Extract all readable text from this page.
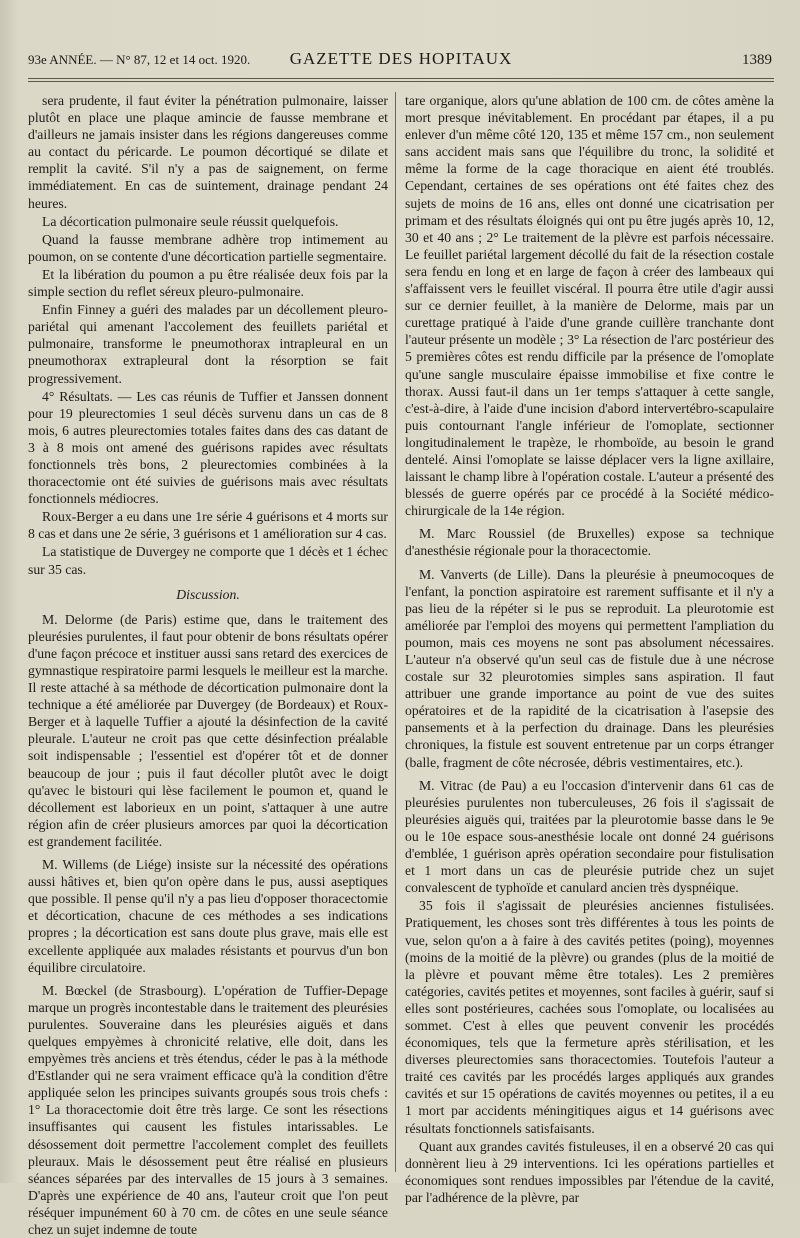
93e ANNÉE. — N° 87, 12 et 14 oct. 1920.	GAZETTE DES HOPITAUX	1389

sera prudente, il faut éviter la pénétration pulmonaire, laisser plutôt en place une plaque amincie de fausse membrane et d'ailleurs ne jamais insister dans les régions dangereuses comme au contact du péricarde. Le poumon décortiqué se dilate et remplit la cavité. S'il n'y a pas de saignement, on ferme immédiatement. En cas de suintement, drainage pendant 24 heures.

La décortication pulmonaire seule réussit quelquefois.

Quand la fausse membrane adhère trop intimement au poumon, on se contente d'une décortication partielle segmentaire.

Et la libération du poumon a pu être réalisée deux fois par la simple section du reflet séreux pleuro-pulmonaire.

Enfin Finney a guéri des malades par un décollement pleuro-pariétal qui amenant l'accolement des feuillets pariétal et pulmonaire, transforme le pneumothorax intrapleural en un pneumothorax extrapleural dont la résorption se fait progressivement.

4° Résultats. — Les cas réunis de Tuffier et Janssen donnent pour 19 pleurectomies 1 seul décès survenu dans un cas de 8 mois, 6 autres pleurectomies totales faites dans des cas datant de 3 à 8 mois ont amené des guérisons rapides avec résultats fonctionnels très bons, 2 pleurectomies combinées à la thoracectomie ont été suivies de guérisons mais avec résultats fonctionnels médiocres.

Roux-Berger a eu dans une 1re série 4 guérisons et 4 morts sur 8 cas et dans une 2e série, 3 guérisons et 1 amélioration sur 4 cas.

La statistique de Duvergey ne comporte que 1 décès et 1 échec sur 35 cas.

Discussion.

M. Delorme (de Paris) estime que, dans le traitement des pleurésies purulentes, il faut pour obtenir de bons résultats opérer d'une façon précoce et instituer aussi sans retard des exercices de gymnastique respiratoire parmi lesquels le meilleur est la marche. Il reste attaché à sa méthode de décortication pulmonaire dont la technique a été améliorée par Duvergey (de Bordeaux) et Roux-Berger et à laquelle Tuffier a ajouté la désinfection de la cavité pleurale. L'auteur ne croit pas que cette désinfection préalable soit indispensable ; l'essentiel est d'opérer tôt et de donner beaucoup de jour ; puis il faut décoller plutôt avec le doigt qu'avec le bistouri qui lèse facilement le poumon et, quand le décollement est laborieux en un point, s'attaquer à une autre région afin de créer plusieurs amorces par quoi la décortication est grandement facilitée.

M. Willems (de Liége) insiste sur la nécessité des opérations aussi hâtives et, bien qu'on opère dans le pus, aussi aseptiques que possible. Il pense qu'il n'y a pas lieu d'opposer thoracectomie et décortication, chacune de ces méthodes a ses indications propres ; la décortication est sans doute plus grave, mais elle est excellente appliquée aux malades résistants et pourvus d'un bon équilibre circulatoire.

M. Bœckel (de Strasbourg). L'opération de Tuffier-Depage marque un progrès incontestable dans le traitement des pleurésies purulentes. Souveraine dans les pleurésies aiguës et dans quelques empyèmes à chronicité relative, elle doit, dans les empyèmes très anciens et très étendus, céder le pas à la méthode d'Estlander qui ne sera vraiment efficace qu'à la condition d'être appliquée selon les principes suivants groupés sous trois chefs : 1° La thoracectomie doit être très large. Ce sont les résections insuffisantes qui causent les fistules intarissables. Le désossement doit permettre l'accolement complet des feuillets pleuraux. Mais le désossement peut être réalisé en plusieurs séances séparées par des intervalles de 15 jours à 3 semaines. D'après une expérience de 40 ans, l'auteur croit que l'on peut réséquer impunément 60 à 70 cm. de côtes en une seule séance chez un sujet indemne de toute

tare organique, alors qu'une ablation de 100 cm. de côtes amène la mort presque inévitablement. En procédant par étapes, il a pu enlever d'un même côté 120, 135 et même 157 cm., non seulement sans accident mais sans que l'équilibre du tronc, la solidité et même la forme de la cage thoracique en aient été troublés. Cependant, certaines de ses opérations ont été faites chez des sujets de moins de 16 ans, elles ont donné une cicatrisation per primam et des résultats éloignés qui ont pu être jugés après 10, 12, 30 et 40 ans ; 2° Le traitement de la plèvre est parfois nécessaire. Le feuillet pariétal largement décollé du fait de la résection costale sera fendu en long et en large de façon à créer des lambeaux qui s'affaissent vers le feuillet viscéral. Il pourra être utile d'agir aussi sur ce dernier feuillet, à la manière de Delorme, mais par un curettage pratiqué à l'aide d'une grande cuillère tranchante dont l'auteur présente un modèle ; 3° La résection de l'arc postérieur des 5 premières côtes est rendu difficile par la présence de l'omoplate qu'une sangle musculaire épaisse immobilise et fixe contre le thorax. Aussi faut-il dans un 1er temps s'attaquer à cette sangle, c'est-à-dire, à l'aide d'une incision d'abord intervertébro-scapulaire puis contournant l'angle inférieur de l'omoplate, sectionner longitudinalement le trapèze, le rhomboïde, au besoin le grand dentelé. Ainsi l'omoplate se laisse déplacer vers la ligne axillaire, laissant le champ libre à l'opération costale. L'auteur a présenté des blessés de guerre opérés par ce procédé à la Société médico-chirurgicale de la 14e région.

M. Marc Roussiel (de Bruxelles) expose sa technique d'anesthésie régionale pour la thoracectomie.

M. Vanverts (de Lille). Dans la pleurésie à pneumocoques de l'enfant, la ponction aspiratoire est rarement suffisante et il n'y a pas lieu de la répéter si le pus se reproduit. La pleurotomie est améliorée par l'emploi des moyens qui permettent l'ampliation du poumon, mais ces moyens ne sont pas absolument nécessaires. L'auteur n'a observé qu'un seul cas de fistule due à une nécrose costale sur 32 pleurotomies simples sans aspiration. Il faut attribuer une grande importance au point de vue des suites opératoires et de la rapidité de la cicatrisation à l'asepsie des pansements et à la perfection du drainage. Dans les pleurésies chroniques, la fistule est souvent entretenue par un corps étranger (balle, fragment de côte nécrosée, débris vestimentaires, etc.).

M. Vitrac (de Pau) a eu l'occasion d'intervenir dans 61 cas de pleurésies purulentes non tuberculeuses, 26 fois il s'agissait de pleurésies aiguës qui, traitées par la pleurotomie basse dans le 9e ou le 10e espace sous-anesthésie locale ont donné 24 guérisons d'emblée, 1 guérison après opération secondaire pour fistulisation et 1 mort dans un cas de pleurésie putride chez un sujet convalescent de typhoïde et canulard ancien très dyspnéique.

35 fois il s'agissait de pleurésies anciennes fistulisées. Pratiquement, les choses sont très différentes à tous les points de vue, selon qu'on a à faire à des cavités petites (poing), moyennes (moins de la moitié de la plèvre) ou grandes (plus de la moitié de la plèvre et pouvant même être totales). Les 2 premières catégories, cavités petites et moyennes, sont faciles à guérir, sauf si elles sont postérieures, cachées sous l'omoplate, ou localisées au sommet. C'est à elles que peuvent convenir les procédés économiques, tels que la fermeture après stérilisation, et les diverses pleurectomies sans thoracectomies. Toutefois l'auteur a traité ces cavités par les procédés larges appliqués aux grandes cavités et sur 15 opérations de cavités moyennes ou petites, il a eu 1 mort par accidents méningitiques aigus et 14 guérisons avec résultats fonctionnels satisfaisants.

Quant aux grandes cavités fistuleuses, il en a observé 20 cas qui donnèrent lieu à 29 interventions. Ici les opérations partielles et économiques sont rendues impossibles par l'étendue de la cavité, par l'adhérence de la plèvre, par
